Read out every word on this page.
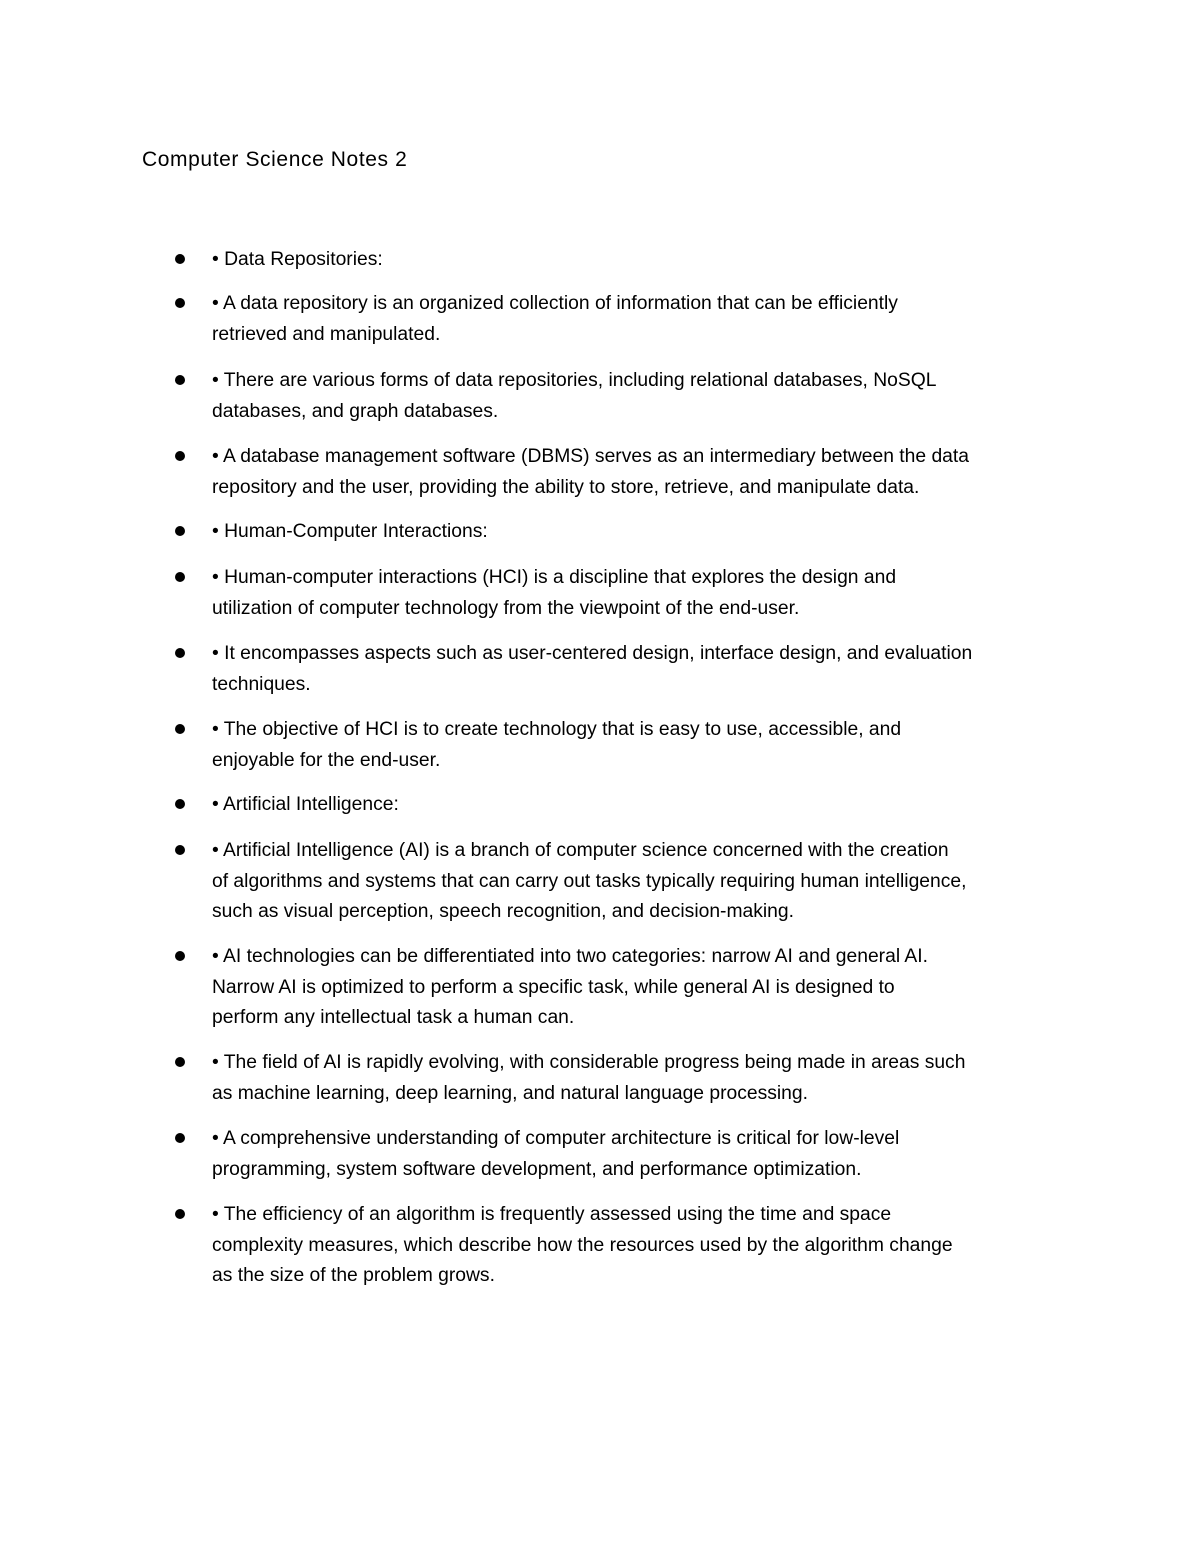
Computer Science Notes 2
• Data Repositories:
• A data repository is an organized collection of information that can be efficiently
retrieved and manipulated.
• There are various forms of data repositories, including relational databases, NoSQL
databases, and graph databases.
• A database management software (DBMS) serves as an intermediary between the data
repository and the user, providing the ability to store, retrieve, and manipulate data.
• Human-Computer Interactions:
• Human-computer interactions (HCI) is a discipline that explores the design and
utilization of computer technology from the viewpoint of the end-user.
• It encompasses aspects such as user-centered design, interface design, and evaluation
techniques.
• The objective of HCI is to create technology that is easy to use, accessible, and
enjoyable for the end-user.
• Artificial Intelligence:
• Artificial Intelligence (AI) is a branch of computer science concerned with the creation
of algorithms and systems that can carry out tasks typically requiring human intelligence,
such as visual perception, speech recognition, and decision-making.
• AI technologies can be differentiated into two categories: narrow AI and general AI.
Narrow AI is optimized to perform a specific task, while general AI is designed to
perform any intellectual task a human can.
• The field of AI is rapidly evolving, with considerable progress being made in areas such
as machine learning, deep learning, and natural language processing.
• A comprehensive understanding of computer architecture is critical for low-level
programming, system software development, and performance optimization.
• The efficiency of an algorithm is frequently assessed using the time and space
complexity measures, which describe how the resources used by the algorithm change
as the size of the problem grows.
